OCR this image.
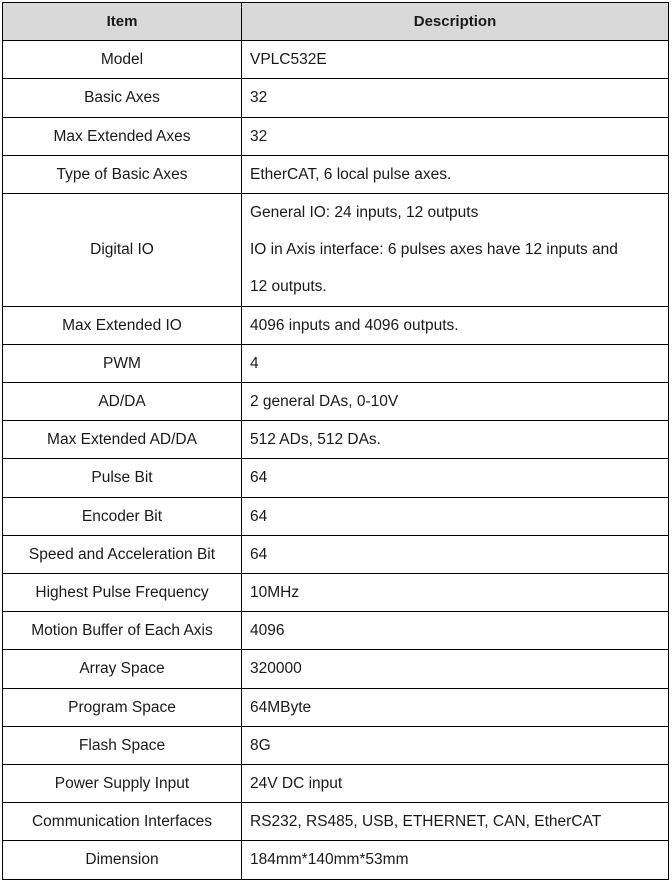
Item	Description
Model	VPLC532E

Basic Axes	32

Max Extended Axes	32

Type of Basic Axes	EtherCAT, 6 local pulse axes.

Digital IO	General IO: 24 inputs, 12 outputs
IO in Axis interface: 6 pulses axes have 12 inputs and
12 outputs.

Max Extended IO	4096 inputs and 4096 outputs.

PWM	4

AD/DA	2 general DAs, 0-10V

Max Extended AD/DA	512 ADs, 512 DAs.

Pulse Bit	64

Encoder Bit	64

Speed and Acceleration Bit	64

Highest Pulse Frequency	10MHz

Motion Buffer of Each Axis	4096

Array Space	320000

Program Space	64MByte

Flash Space	8G

Power Supply Input	24V DC input

Communication Interfaces	RS232, RS485, USB, ETHERNET, CAN, EtherCAT

Dimension	184mm*140mm*53mm
